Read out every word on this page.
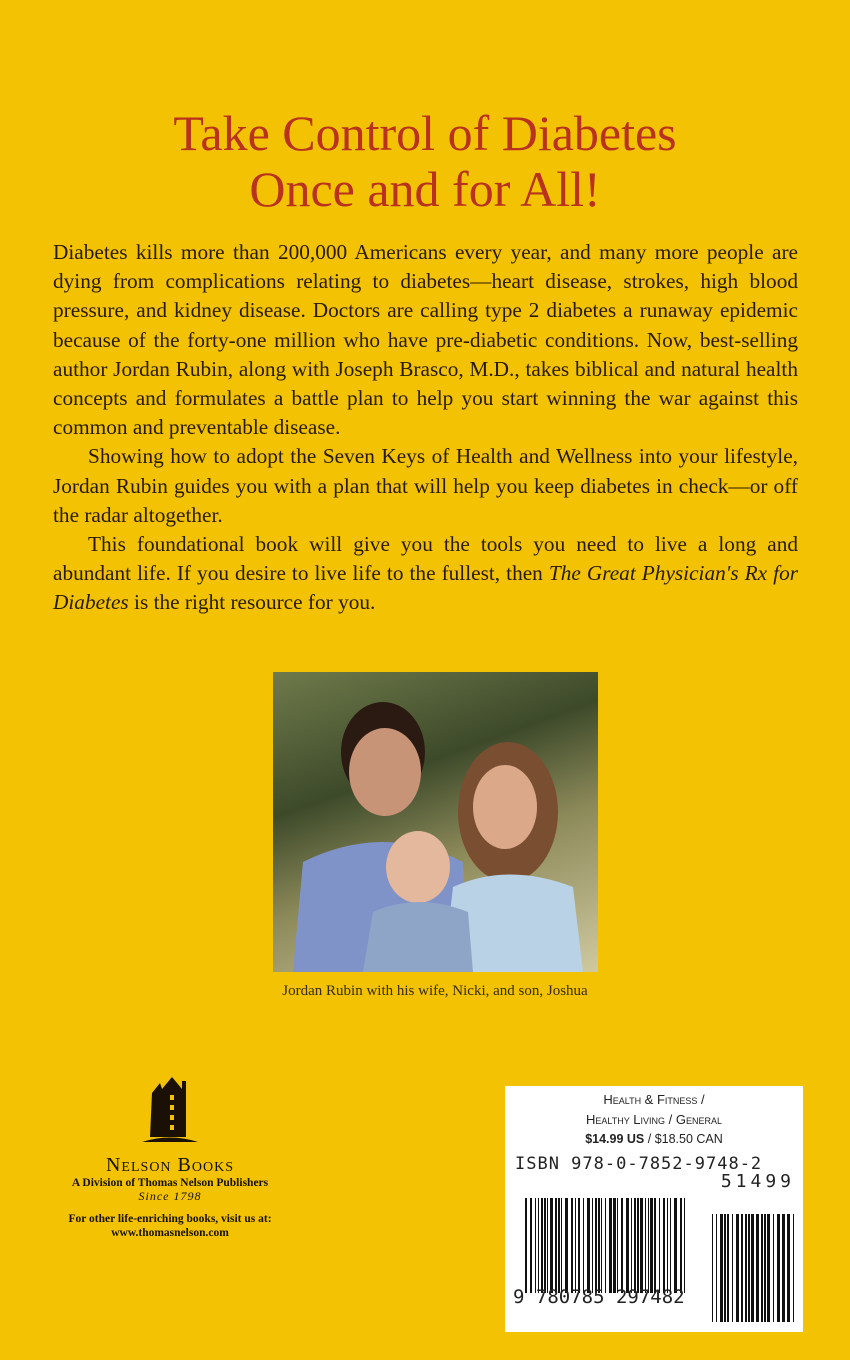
Take Control of Diabetes
Once and for All!

Diabetes kills more than 200,000 Americans every year, and many more people are dying from complications relating to diabetes—heart disease, strokes, high blood pressure, and kidney disease. Doctors are calling type 2 diabetes a runaway epidemic because of the forty-one million who have pre-diabetic conditions. Now, best-selling author Jordan Rubin, along with Joseph Brasco, M.D., takes biblical and natural health concepts and formulates a battle plan to help you start winning the war against this common and preventable disease.

Showing how to adopt the Seven Keys of Health and Wellness into your lifestyle, Jordan Rubin guides you with a plan that will help you keep diabetes in check—or off the radar altogether.

This foundational book will give you the tools you need to live a long and abundant life. If you desire to live life to the fullest, then The Great Physician's Rx for Diabetes is the right resource for you.

Jordan Rubin with his wife, Nicki, and son, Joshua
Nelson Books
A Division of Thomas Nelson Publishers
Since 1798
For other life-enriching books, visit us at:
www.thomasnelson.com
Health & Fitness /
Healthy Living / General
$14.99 US / $18.50 CAN
ISBN 978-0-7852-9748-2
51499
9 780785 297482
